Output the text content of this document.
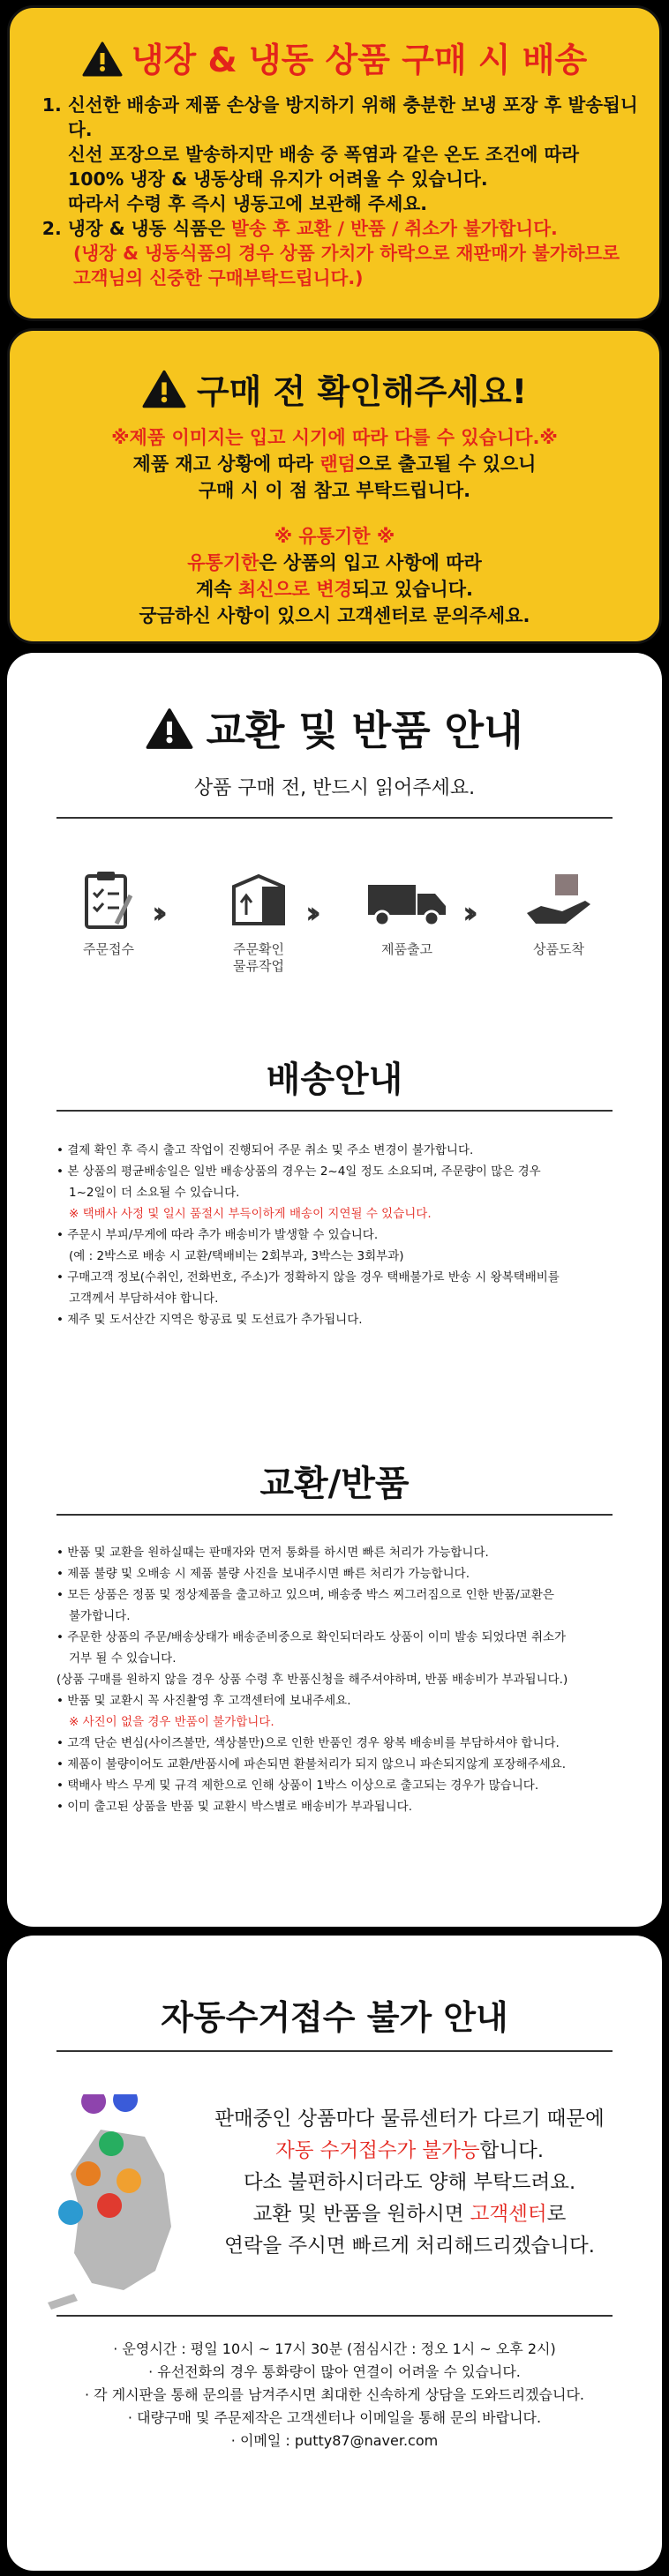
냉장 & 냉동 상품 구매 시 배송
1. 신선한 배송과 제품 손상을 방지하기 위해 충분한 보냉 포장 후 발송됩니다.
신선 포장으로 발송하지만 배송 중 폭염과 같은 온도 조건에 따라
100% 냉장 & 냉동상태 유지가 어려울 수 있습니다.
따라서 수령 후 즉시 냉동고에 보관해 주세요.
2. 냉장 & 냉동 식품은 발송 후 교환 / 반품 / 취소가 불가합니다.
(냉장 & 냉동식품의 경우 상품 가치가 하락으로 재판매가 불가하므로 고객님의 신중한 구매부탁드립니다.)
구매 전 확인해주세요!
※제품 이미지는 입고 시기에 따라 다를 수 있습니다.※
제품 재고 상황에 따라 랜덤으로 출고될 수 있으니
구매 시 이 점 참고 부탁드립니다.
※ 유통기한 ※
유통기한은 상품의 입고 사항에 따라
계속 최신으로 변경되고 있습니다.
궁금하신 사항이 있으시 고객센터로 문의주세요.
교환 및 반품 안내
상품 구매 전, 반드시 읽어주세요.
주문접수
››
주문확인
물류작업
››
제품출고
››
상품도착
배송안내
• 결제 확인 후 즉시 출고 작업이 진행되어 주문 취소 및 주소 변경이 불가합니다.
• 본 상품의 평균배송일은 일반 배송상품의 경우는 2~4일 정도 소요되며, 주문량이 많은 경우
1~2일이 더 소요될 수 있습니다.
※ 택배사 사정 및 일시 품절시 부득이하게 배송이 지연될 수 있습니다.
• 주문시 부피/무게에 따라 추가 배송비가 발생할 수 있습니다.
(예 : 2박스로 배송 시 교환/택배비는 2회부과, 3박스는 3회부과)
• 구매고객 정보(수취인, 전화번호, 주소)가 정확하지 않을 경우 택배불가로 반송 시 왕복택배비를
고객께서 부담하셔야 합니다.
• 제주 및 도서산간 지역은 항공료 및 도선료가 추가됩니다.
교환/반품
• 반품 및 교환을 원하실때는 판매자와 먼저 통화를 하시면 빠른 처리가 가능합니다.
• 제품 불량 및 오배송 시 제품 불량 사진을 보내주시면 빠른 처리가 가능합니다.
• 모든 상품은 정품 및 정상제품을 출고하고 있으며, 배송중 박스 찌그러짐으로 인한 반품/교환은
불가합니다.
• 주문한 상품의 주문/배송상태가 배송준비중으로 확인되더라도 상품이 이미 발송 되었다면 취소가
거부 될 수 있습니다.
(상품 구매를 원하지 않을 경우 상품 수령 후 반품신청을 해주셔야하며, 반품 배송비가 부과됩니다.)
• 반품 및 교환시 꼭 사진촬영 후 고객센터에 보내주세요.
※ 사진이 없을 경우 반품이 불가합니다.
• 고객 단순 변심(사이즈불만, 색상불만)으로 인한 반품인 경우 왕복 배송비를 부담하셔야 합니다.
• 제품이 불량이어도 교환/반품시에 파손되면 환불처리가 되지 않으니 파손되지않게 포장해주세요.
• 택배사 박스 무게 및 규격 제한으로 인해 상품이 1박스 이상으로 출고되는 경우가 많습니다.
• 이미 출고된 상품을 반품 및 교환시 박스별로 배송비가 부과됩니다.
자동수거접수 불가 안내
판매중인 상품마다 물류센터가 다르기 때문에
자동 수거접수가 불가능합니다.
다소 불편하시더라도 양해 부탁드려요.
교환 및 반품을 원하시면 고객센터로
연락을 주시면 빠르게 처리해드리겠습니다.
· 운영시간 : 평일 10시 ~ 17시 30분 (점심시간 : 정오 1시 ~ 오후 2시)
· 유선전화의 경우 통화량이 많아 연결이 어려울 수 있습니다.
· 각 게시판을 통해 문의를 남겨주시면 최대한 신속하게 상담을 도와드리겠습니다.
· 대량구매 및 주문제작은 고객센터나 이메일을 통해 문의 바랍니다.
· 이메일 : putty87@naver.com
